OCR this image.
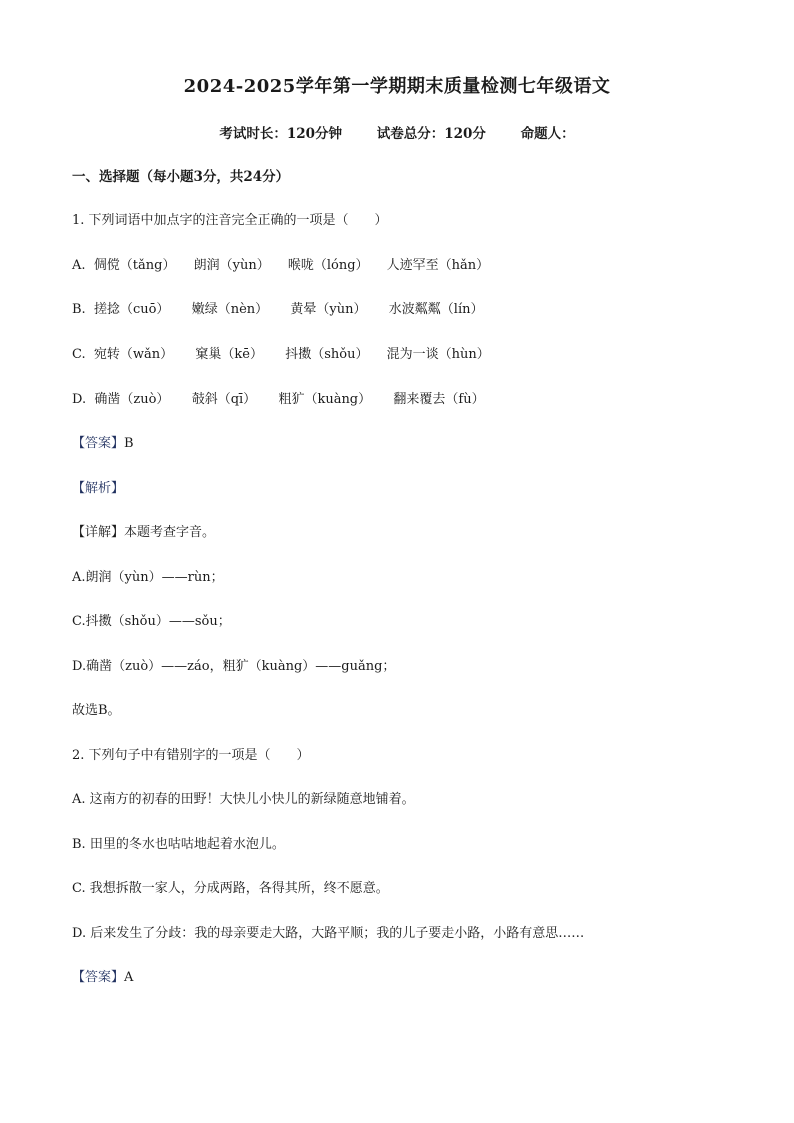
2024-2025学年第一学期期末质量检测七年级语文
考试时长：120分钟	试卷总分：120分	命题人：
一、选择题（每小题3分，共24分）
1. 下列词语中加点字的注音完全正确的一项是（　　）
A. 倜傥（tǎng） 朗润（yùn） 喉咙（lóng） 人迹罕至（hǎn）
B. 搓捻（cuō） 嫩绿（nèn） 黄晕（yùn） 水波粼粼（lín）
C. 宛转（wǎn） 窠巢（kē） 抖擞（shǒu） 混为一谈（hùn）
D. 确凿（zuò） 攲斜（qī） 粗犷（kuàng） 翻来覆去（fù）
【答案】B
【解析】
【详解】本题考查字音。
A.朗润（yùn）——rùn；
C.抖擞（shǒu）——sǒu；
D.确凿（zuò）——záo，粗犷（kuàng）——guǎng；
故选B。
2. 下列句子中有错别字的一项是（　　）
A. 这南方的初春的田野！大快儿小快儿的新绿随意地铺着。
B. 田里的冬水也咕咕地起着水泡儿。
C. 我想拆散一家人，分成两路，各得其所，终不愿意。
D. 后来发生了分歧：我的母亲要走大路，大路平顺；我的儿子要走小路，小路有意思……
【答案】A
